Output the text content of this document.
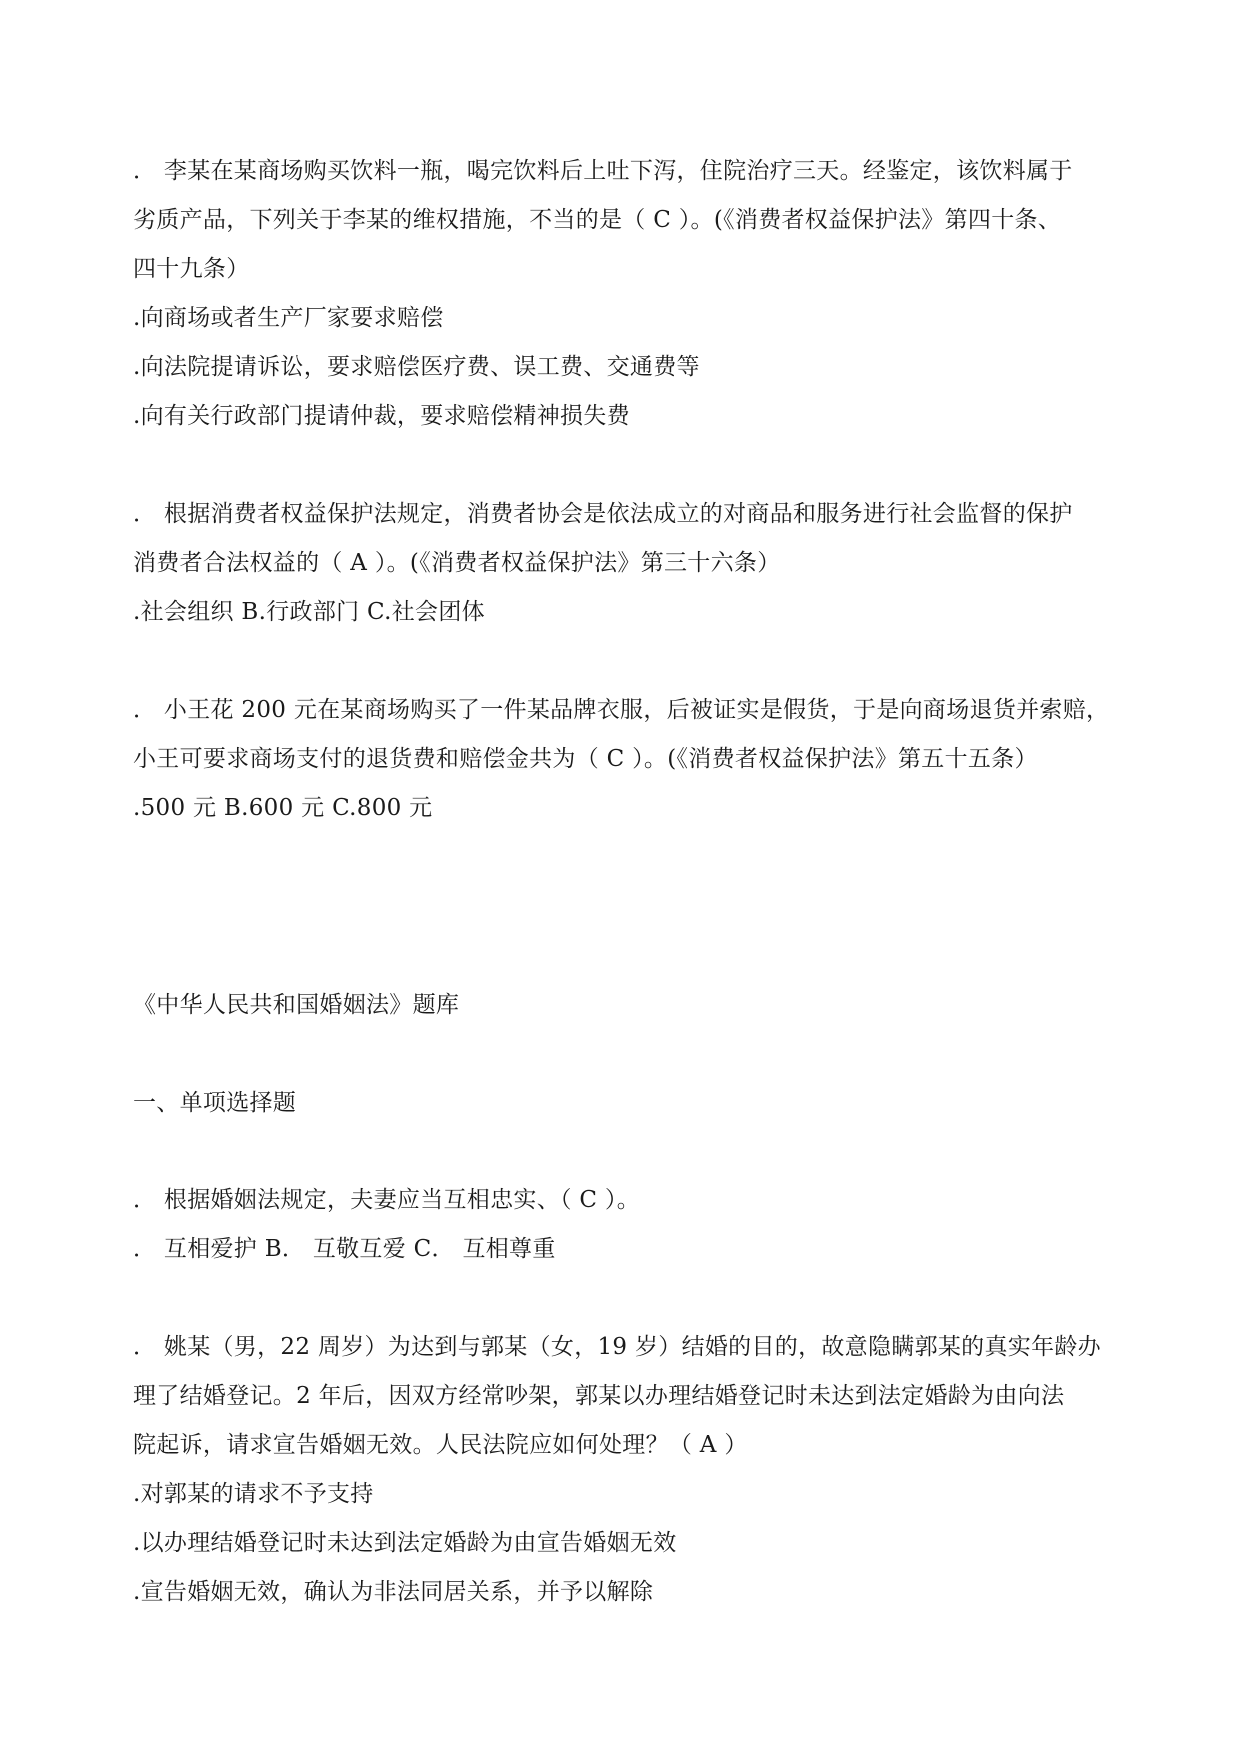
． 李某在某商场购买饮料一瓶，喝完饮料后上吐下泻，住院治疗三天。经鉴定，该饮料属于
劣质产品，下列关于李某的维权措施，不当的是（ C ）。(《消费者权益保护法》第四十条、
四十九条）
.向商场或者生产厂家要求赔偿
.向法院提请诉讼，要求赔偿医疗费、误工费、交通费等
.向有关行政部门提请仲裁，要求赔偿精神损失费
． 根据消费者权益保护法规定，消费者协会是依法成立的对商品和服务进行社会监督的保护
消费者合法权益的（ A ）。(《消费者权益保护法》第三十六条）
.社会组织 B.行政部门 C.社会团体
． 小王花 200 元在某商场购买了一件某品牌衣服，后被证实是假货，于是向商场退货并索赔，
小王可要求商场支付的退货费和赔偿金共为（ C ）。(《消费者权益保护法》第五十五条）
.500 元 B.600 元 C.800 元
《中华人民共和国婚姻法》题库
一、单项选择题
． 根据婚姻法规定，夫妻应当互相忠实、（ C ）。
． 互相爱护 B． 互敬互爱 C． 互相尊重
． 姚某（男，22 周岁）为达到与郭某（女，19 岁）结婚的目的，故意隐瞒郭某的真实年龄办
理了结婚登记。2 年后，因双方经常吵架，郭某以办理结婚登记时未达到法定婚龄为由向法
院起诉，请求宣告婚姻无效。人民法院应如何处理？（ A ）
.对郭某的请求不予支持
.以办理结婚登记时未达到法定婚龄为由宣告婚姻无效
.宣告婚姻无效，确认为非法同居关系，并予以解除
